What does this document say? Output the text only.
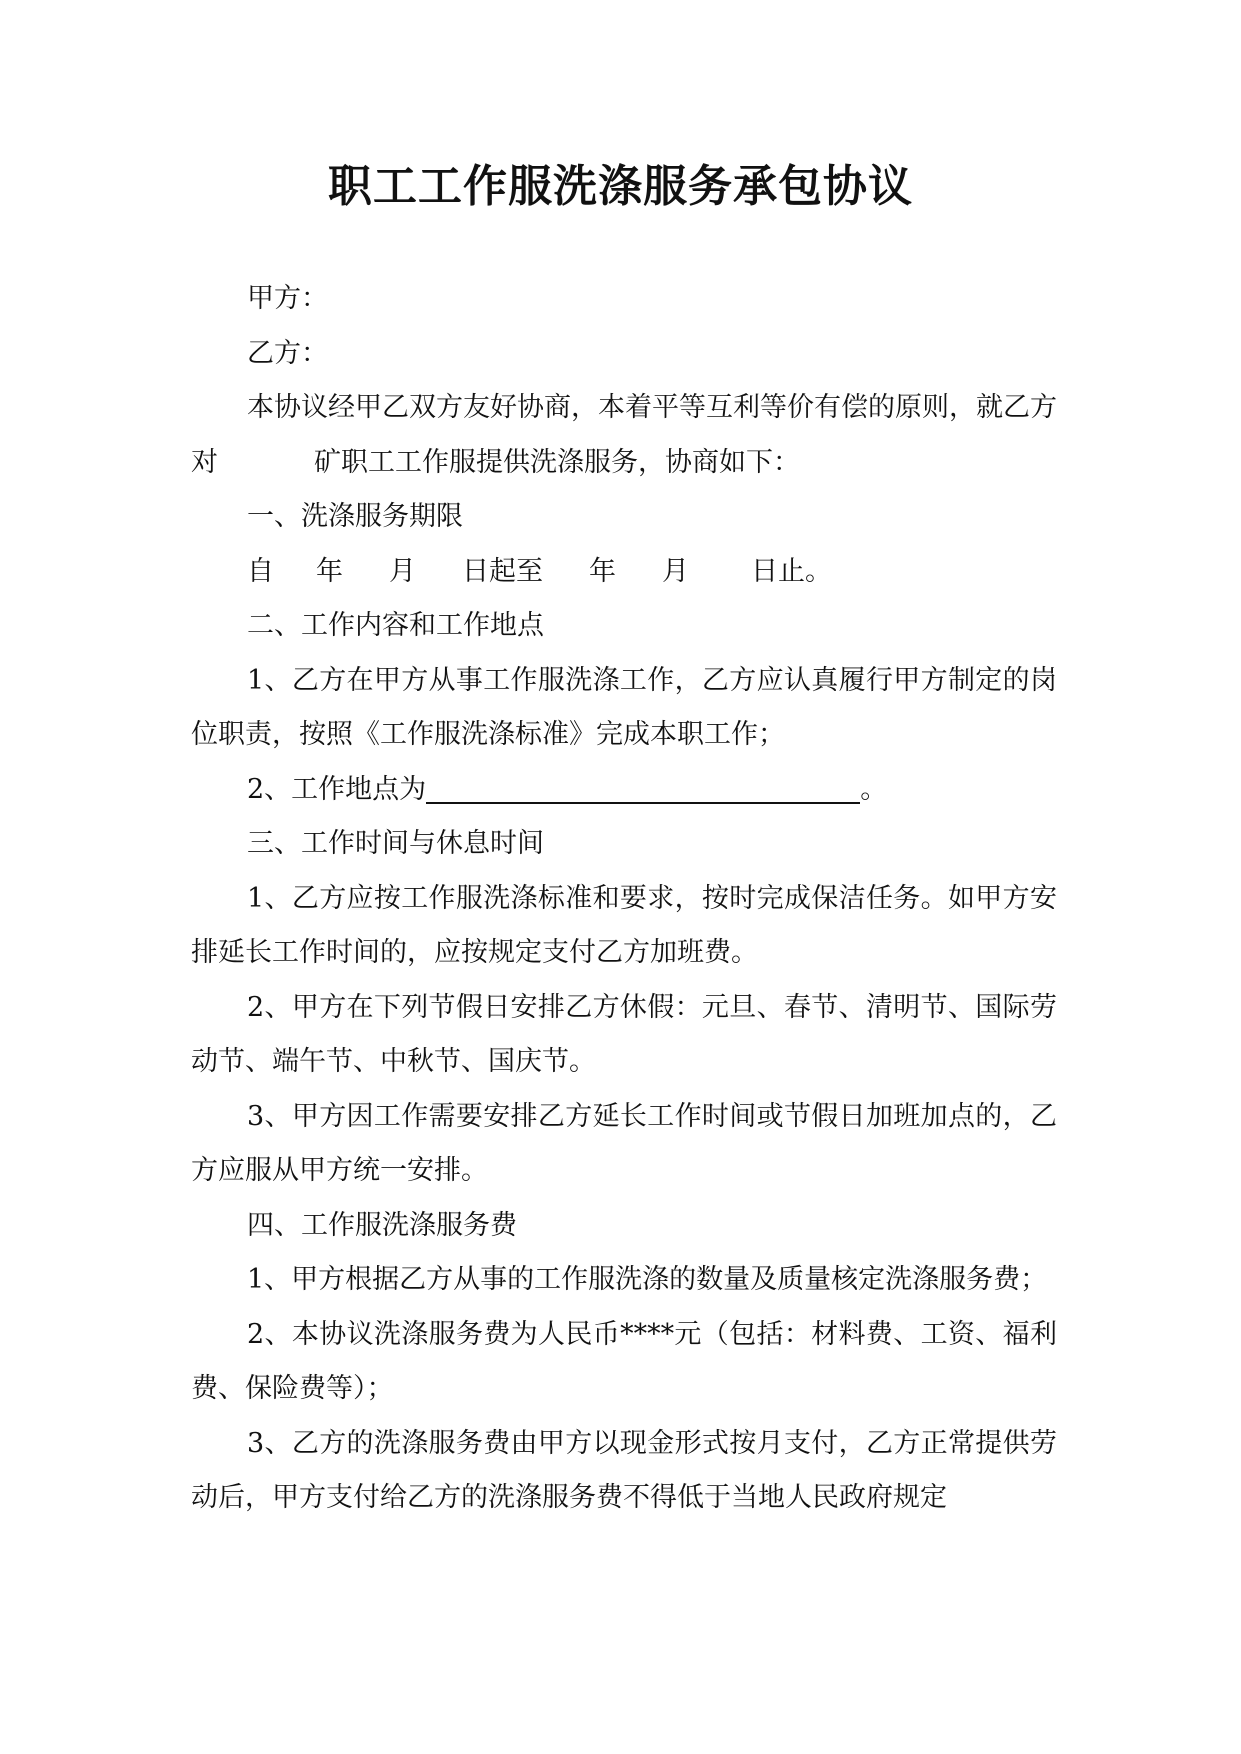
职工工作服洗涤服务承包协议

甲方：

乙方：

本协议经甲乙双方友好协商，本着平等互利等价有偿的原则，就乙方对	矿职工工作服提供洗涤服务，协商如下：

一、洗涤服务期限

自 年 月 日起至 年 月 日止。

二、工作内容和工作地点

1、乙方在甲方从事工作服洗涤工作，乙方应认真履行甲方制定的岗位职责，按照《工作服洗涤标准》完成本职工作；

2、工作地点为	。

三、工作时间与休息时间

1、乙方应按工作服洗涤标准和要求，按时完成保洁任务。如甲方安排延长工作时间的，应按规定支付乙方加班费。

2、甲方在下列节假日安排乙方休假：元旦、春节、清明节、国际劳动节、端午节、中秋节、国庆节。

3、甲方因工作需要安排乙方延长工作时间或节假日加班加点的，乙方应服从甲方统一安排。

四、工作服洗涤服务费

1、甲方根据乙方从事的工作服洗涤的数量及质量核定洗涤服务费；

2、本协议洗涤服务费为人民币****元（包括：材料费、工资、福利费、保险费等）；

3、乙方的洗涤服务费由甲方以现金形式按月支付，乙方正常提供劳动后，甲方支付给乙方的洗涤服务费不得低于当地人民政府规定
